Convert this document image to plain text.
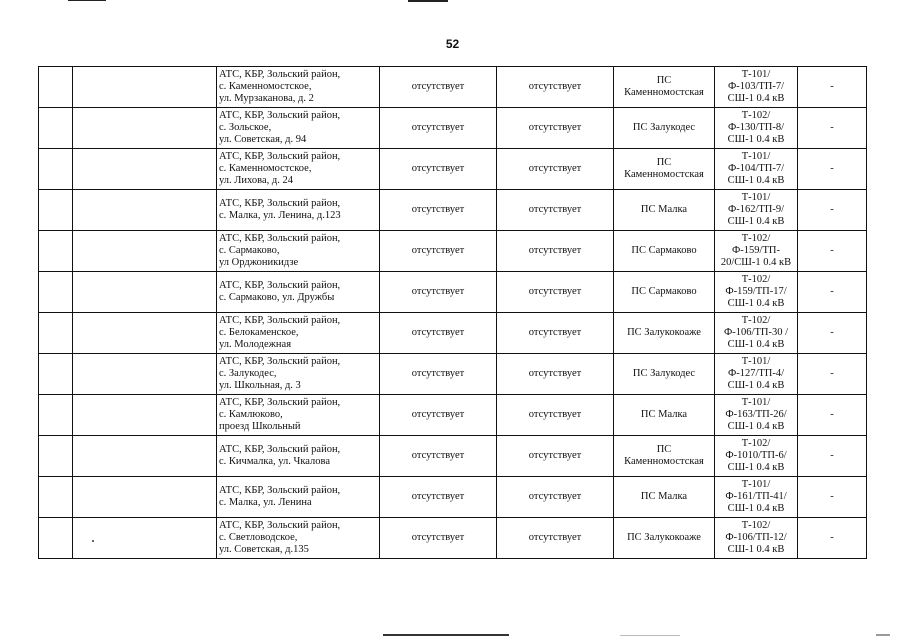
52

		АТС, КБР, Зольский район,
с. Каменномостское,
ул. Мурзаканова, д. 2	отсутствует	отсутствует	ПС
Каменномостская	Т-101/
Ф-103/ТП-7/
СШ-1 0.4 кВ	-

		АТС, КБР, Зольский район,
с. Зольское,
ул. Советская, д. 94	отсутствует	отсутствует	ПС Залукодес	Т-102/
Ф-130/ТП-8/
СШ-1 0.4 кВ	-

		АТС, КБР, Зольский район,
с. Каменномостское,
ул. Лихова, д. 24	отсутствует	отсутствует	ПС
Каменномостская	Т-101/
Ф-104/ТП-7/
СШ-1 0.4 кВ	-

		АТС, КБР, Зольский район,
с. Малка, ул. Ленина, д.123	отсутствует	отсутствует	ПС Малка	Т-101/
Ф-162/ТП-9/
СШ-1 0.4 кВ	-

		АТС, КБР, Зольский район,
с. Сармаково,
ул Орджоникидзе	отсутствует	отсутствует	ПС Сармаково	Т-102/
Ф-159/ТП-
20/СШ-1 0.4 кВ	-

		АТС, КБР, Зольский район,
с. Сармаково, ул. Дружбы	отсутствует	отсутствует	ПС Сармаково	Т-102/
Ф-159/ТП-17/
СШ-1 0.4 кВ	-

		АТС, КБР, Зольский район,
с. Белокаменское,
ул. Молодежная	отсутствует	отсутствует	ПС Залукокоаже	Т-102/
Ф-106/ТП-30 /
СШ-1 0.4 кВ	-

		АТС, КБР, Зольский район,
с. Залукодес,
ул. Школьная, д. 3	отсутствует	отсутствует	ПС Залукодес	Т-101/
Ф-127/ТП-4/
СШ-1 0.4 кВ	-

		АТС, КБР, Зольский район,
с. Камлюково,
проезд Школьный	отсутствует	отсутствует	ПС Малка	Т-101/
Ф-163/ТП-26/
СШ-1 0.4 кВ	-

		АТС, КБР, Зольский район,
с. Кичмалка, ул. Чкалова	отсутствует	отсутствует	ПС
Каменномостская	Т-102/
Ф-1010/ТП-6/
СШ-1 0.4 кВ	-

		АТС, КБР, Зольский район,
с. Малка, ул. Ленина	отсутствует	отсутствует	ПС Малка	Т-101/
Ф-161/ТП-41/
СШ-1 0.4 кВ	-

		АТС, КБР, Зольский район,
с. Светловодское,
ул. Советская, д.135	отсутствует	отсутствует	ПС Залукокоаже	Т-102/
Ф-106/ТП-12/
СШ-1 0.4 кВ	-
